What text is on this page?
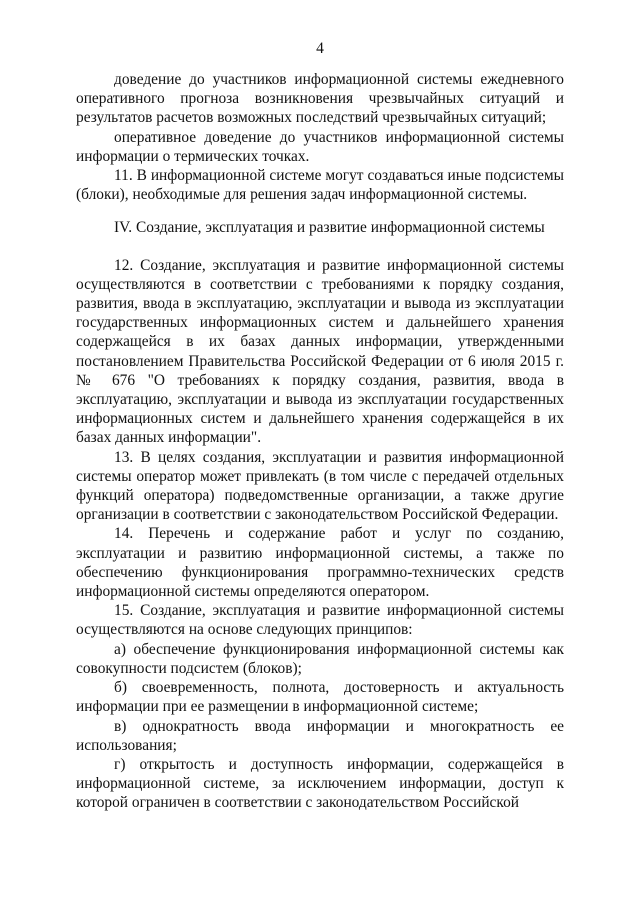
4

доведение до участников информационной системы ежедневного оперативного прогноза возникновения чрезвычайных ситуаций и результатов расчетов возможных последствий чрезвычайных ситуаций;

оперативное доведение до участников информационной системы информации о термических точках.

11. В информационной системе могут создаваться иные подсистемы (блоки), необходимые для решения задач информационной системы.

IV. Создание, эксплуатация и развитие информационной системы

12. Создание, эксплуатация и развитие информационной системы осуществляются в соответствии с требованиями к порядку создания, развития, ввода в эксплуатацию, эксплуатации и вывода из эксплуатации государственных информационных систем и дальнейшего хранения содержащейся в их базах данных информации, утвержденными постановлением Правительства Российской Федерации от 6 июля 2015 г. № 676 "О требованиях к порядку создания, развития, ввода в эксплуатацию, эксплуатации и вывода из эксплуатации государственных информационных систем и дальнейшего хранения содержащейся в их базах данных информации".

13. В целях создания, эксплуатации и развития информационной системы оператор может привлекать (в том числе с передачей отдельных функций оператора) подведомственные организации, а также другие организации в соответствии с законодательством Российской Федерации.

14. Перечень и содержание работ и услуг по созданию, эксплуатации и развитию информационной системы, а также по обеспечению функционирования программно-технических средств информационной системы определяются оператором.

15. Создание, эксплуатация и развитие информационной системы осуществляются на основе следующих принципов:

а) обеспечение функционирования информационной системы как совокупности подсистем (блоков);

б) своевременность, полнота, достоверность и актуальность информации при ее размещении в информационной системе;

в) однократность ввода информации и многократность ее использования;

г) открытость и доступность информации, содержащейся в информационной системе, за исключением информации, доступ к которой ограничен в соответствии с законодательством Российской
